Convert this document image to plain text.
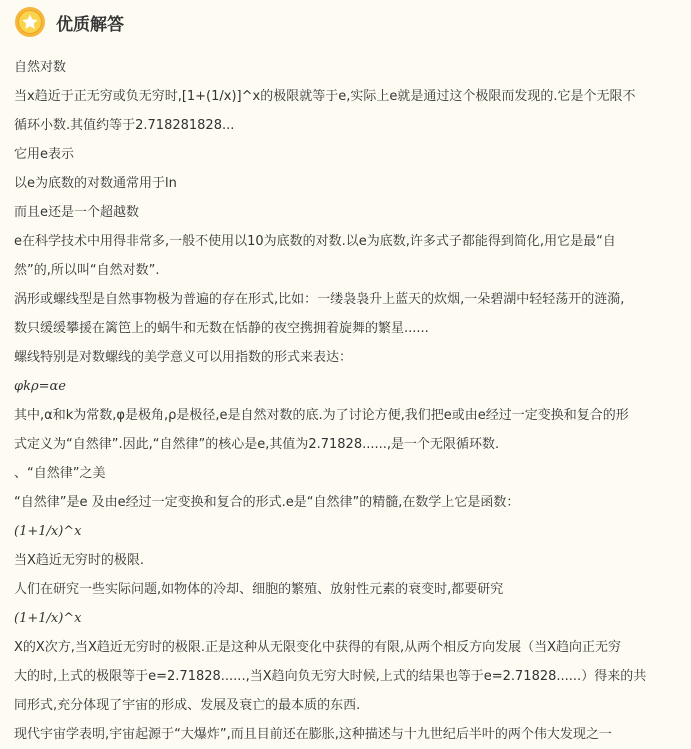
优质解答
自然对数
当x趋近于正无穷或负无穷时,[1+(1/x)]^x的极限就等于e,实际上e就是通过这个极限而发现的.它是个无限不
循环小数.其值约等于2.718281828...
它用e表示
以e为底数的对数通常用于ln
而且e还是一个超越数
e在科学技术中用得非常多,一般不使用以10为底数的对数.以e为底数,许多式子都能得到简化,用它是最“自
然”的,所以叫“自然对数”.
涡形或螺线型是自然事物极为普遍的存在形式,比如：一缕袅袅升上蓝天的炊烟,一朵碧湖中轻轻荡开的涟漪,
数只缓缓攀援在篱笆上的蜗牛和无数在恬静的夜空携拥着旋舞的繁星......
螺线特别是对数螺线的美学意义可以用指数的形式来表达：
φkρ=αe
其中,α和k为常数,φ是极角,ρ是极径,e是自然对数的底.为了讨论方便,我们把e或由e经过一定变换和复合的形
式定义为“自然律”.因此,“自然律”的核心是e,其值为2.71828......,是一个无限循环数.
、“自然律”之美
“自然律”是e 及由e经过一定变换和复合的形式.e是“自然律”的精髓,在数学上它是函数：
(1+1/x)^x
当X趋近无穷时的极限.
人们在研究一些实际问题,如物体的冷却、细胞的繁殖、放射性元素的衰变时,都要研究
(1+1/x)^x
X的X次方,当X趋近无穷时的极限.正是这种从无限变化中获得的有限,从两个相反方向发展（当X趋向正无穷
大的时,上式的极限等于e=2.71828......,当X趋向负无穷大时候,上式的结果也等于e=2.71828......）得来的共
同形式,充分体现了宇宙的形成、发展及衰亡的最本质的东西.
现代宇宙学表明,宇宙起源于“大爆炸”,而且目前还在膨胀,这种描述与十九世纪后半叶的两个伟大发现之一
